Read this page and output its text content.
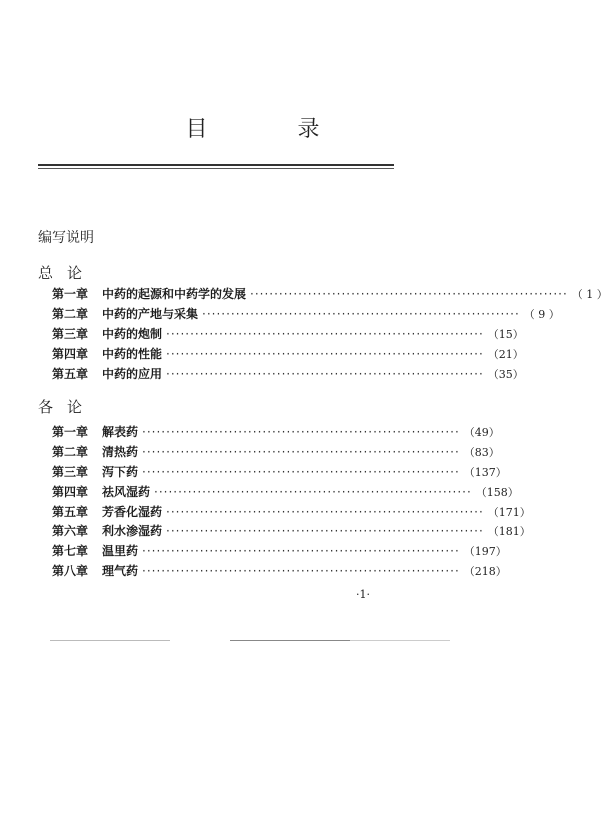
目　录
编写说明
总论
第一章	中药的起源和中药学的发展 ·································································· （ 1 ）
第二章	中药的产地与采集 ·································································· （ 9 ）
第三章	中药的炮制 ·································································· （15）
第四章	中药的性能 ·································································· （21）
第五章	中药的应用 ·································································· （35）
各论
第一章	解表药 ·································································· （49）
第二章	清热药 ·································································· （83）
第三章	泻下药 ·································································· （137）
第四章	祛风湿药 ·································································· （158）
第五章	芳香化湿药 ·································································· （171）
第六章	利水渗湿药 ·································································· （181）
第七章	温里药 ·································································· （197）
第八章	理气药 ·································································· （218）
·1·
